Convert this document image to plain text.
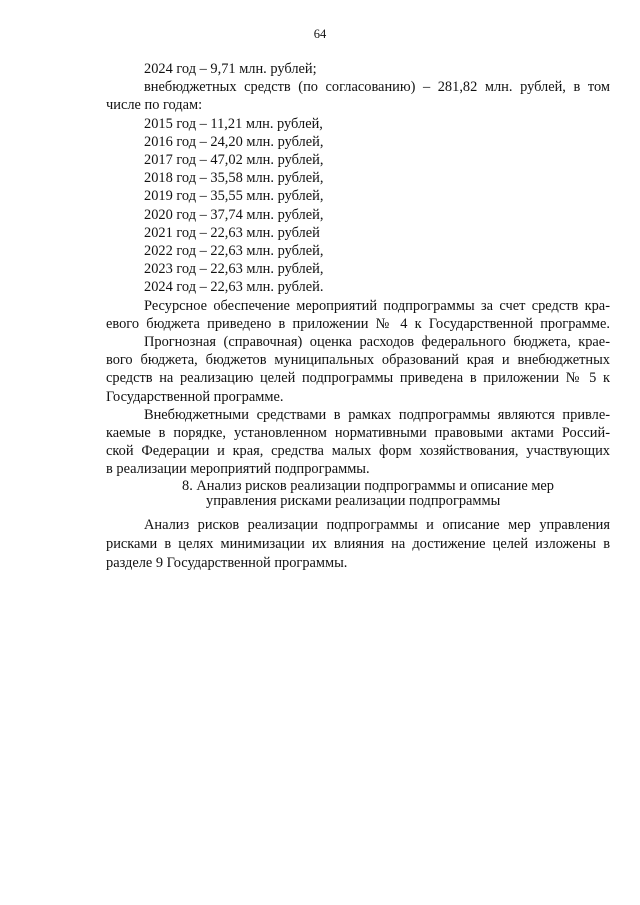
64
2024 год – 9,71 млн. рублей;
внебюджетных средств (по согласованию) – 281,82 млн. рублей, в том
числе по годам:
2015 год – 11,21 млн. рублей,
2016 год – 24,20 млн. рублей,
2017 год – 47,02 млн. рублей,
2018 год – 35,58 млн. рублей,
2019 год – 35,55 млн. рублей,
2020 год – 37,74 млн. рублей,
2021 год – 22,63 млн. рублей
2022 год – 22,63 млн. рублей,
2023 год – 22,63 млн. рублей,
2024 год – 22,63 млн. рублей.
Ресурсное обеспечение мероприятий подпрограммы за счет средств кра-
евого бюджета приведено в приложении № 4 к Государственной программе.
Прогнозная (справочная) оценка расходов федерального бюджета, крае-
вого бюджета, бюджетов муниципальных образований края и внебюджетных
средств на реализацию целей подпрограммы приведена в приложении № 5 к
Государственной программе.
Внебюджетными средствами в рамках подпрограммы являются привле-
каемые в порядке, установленном нормативными правовыми актами Россий-
ской Федерации и края, средства малых форм хозяйствования, участвующих
в реализации мероприятий подпрограммы.
8. Анализ рисков реализации подпрограммы и описание мер
управления рисками реализации подпрограммы
Анализ рисков реализации подпрограммы и описание мер управления
рисками в целях минимизации их влияния на достижение целей изложены в
разделе 9 Государственной программы.
